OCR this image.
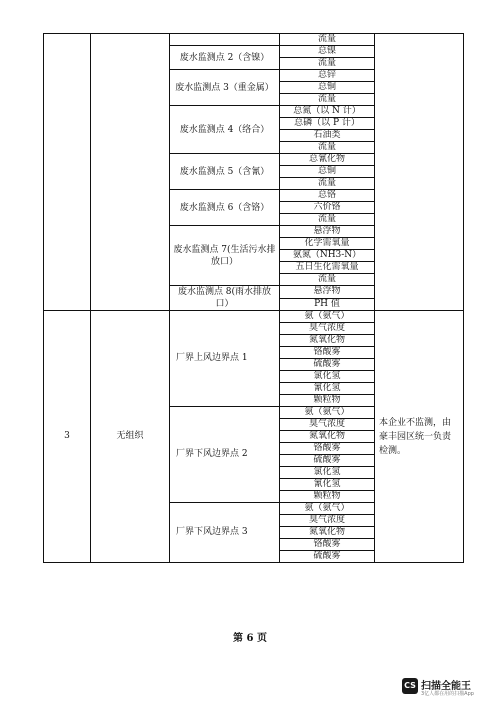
			流量	
		废水监测点 2（含镍）	总镍	
			流量	
		废水监测点 3（重金属）	总锌	
			总铜	
			流量	
		废水监测点 4（络合）	总氮（以 N 计）	
			总磷（以 P 计）	
			石油类	
			流量	
		废水监测点 5（含氰）	总氰化物	
			总铜	
			流量	
		废水监测点 6（含铬）	总铬	
			六价铬	
			流量	
		废水监测点 7(生活污水排放口）	悬浮物	
			化学需氧量	
			氨氮（NH3-N）	
			五日生化需氧量	
			流量	
		废水监测点 8(雨水排放口）	悬浮物	
			PH 值	
3	无组织	厂界上风边界点 1	氨（氨气）	本企业不监测，由豪丰园区统一负责检测。
			臭气浓度	
			氮氧化物	
			铬酸雾	
			硫酸雾	
			氯化氢	
			氰化氢	
			颗粒物	
		厂界下风边界点 2	氨（氨气）	
			臭气浓度	
			氮氧化物	
			铬酸雾	
			硫酸雾	
			氯化氢	
			氰化氢	
			颗粒物	
		厂界下风边界点 3	氨（氨气）	
			臭气浓度	
			氮氧化物	
			铬酸雾	
			硫酸雾	
第 6 页
CS 扫描全能王
3亿人都在用的扫描App
